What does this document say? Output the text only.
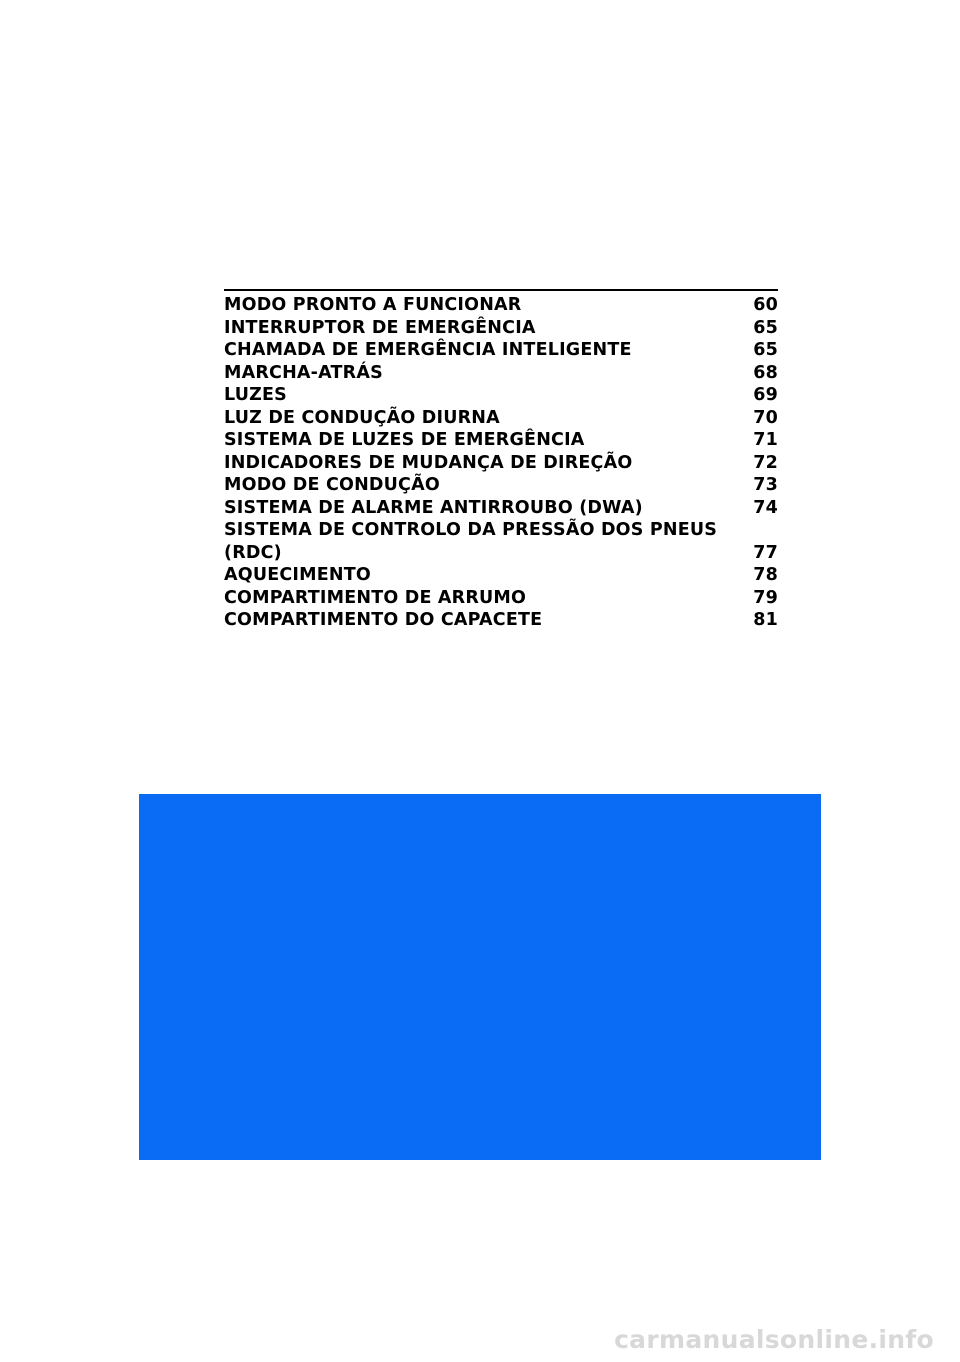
MODO PRONTO A FUNCIONAR	60
INTERRUPTOR DE EMERGÊNCIA	65
CHAMADA DE EMERGÊNCIA INTELIGENTE	65
MARCHA-ATRÁS	68
LUZES	69
LUZ DE CONDUÇÃO DIURNA	70
SISTEMA DE LUZES DE EMERGÊNCIA	71
INDICADORES DE MUDANÇA DE DIREÇÃO	72
MODO DE CONDUÇÃO	73
SISTEMA DE ALARME ANTIRROUBO (DWA)	74
SISTEMA DE CONTROLO DA PRESSÃO DOS PNEUS
(RDC)	77
AQUECIMENTO	78
COMPARTIMENTO DE ARRUMO	79
COMPARTIMENTO DO CAPACETE	81
carmanualsonline.info
